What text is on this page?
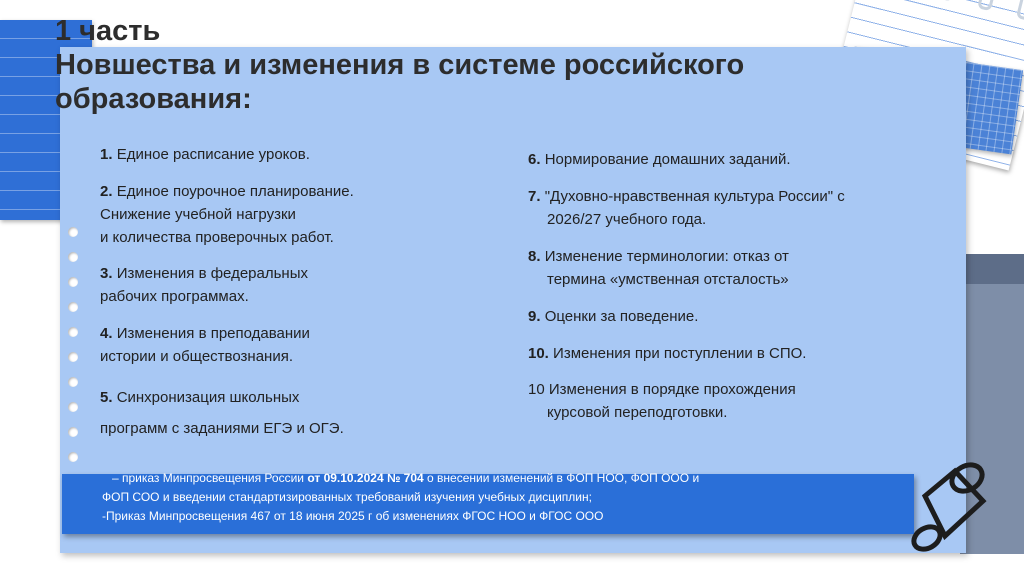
1 часть
Новшества и изменения в системе российского
образования:
1. Единое расписание уроков.
2. Единое поурочное планирование.
Снижение учебной нагрузки
и количества проверочных работ.
3. Изменения в федеральных
рабочих программах.
4. Изменения в преподавании
истории и обществознания.
5. Синхронизация школьных
программ с заданиями ЕГЭ и ОГЭ.
6. Нормирование домашних заданий.
7. "Духовно-нравственная культура России" с
2026/27 учебного года.
8. Изменение терминологии: отказ от
термина «умственная отсталость»
9. Оценки за поведение.
10. Изменения при поступлении в СПО.
10 Изменения в порядке прохождения
курсовой переподготовки.
– приказ Минпросвещения России от 09.10.2024 № 704 о внесении изменений в ФОП НОО, ФОП ООО и
ФОП СОО и введении стандартизированных требований изучения учебных дисциплин;
-Приказ Минпросвещения 467 от 18 июня 2025 г об изменениях ФГОС НОО и ФГОС ООО
